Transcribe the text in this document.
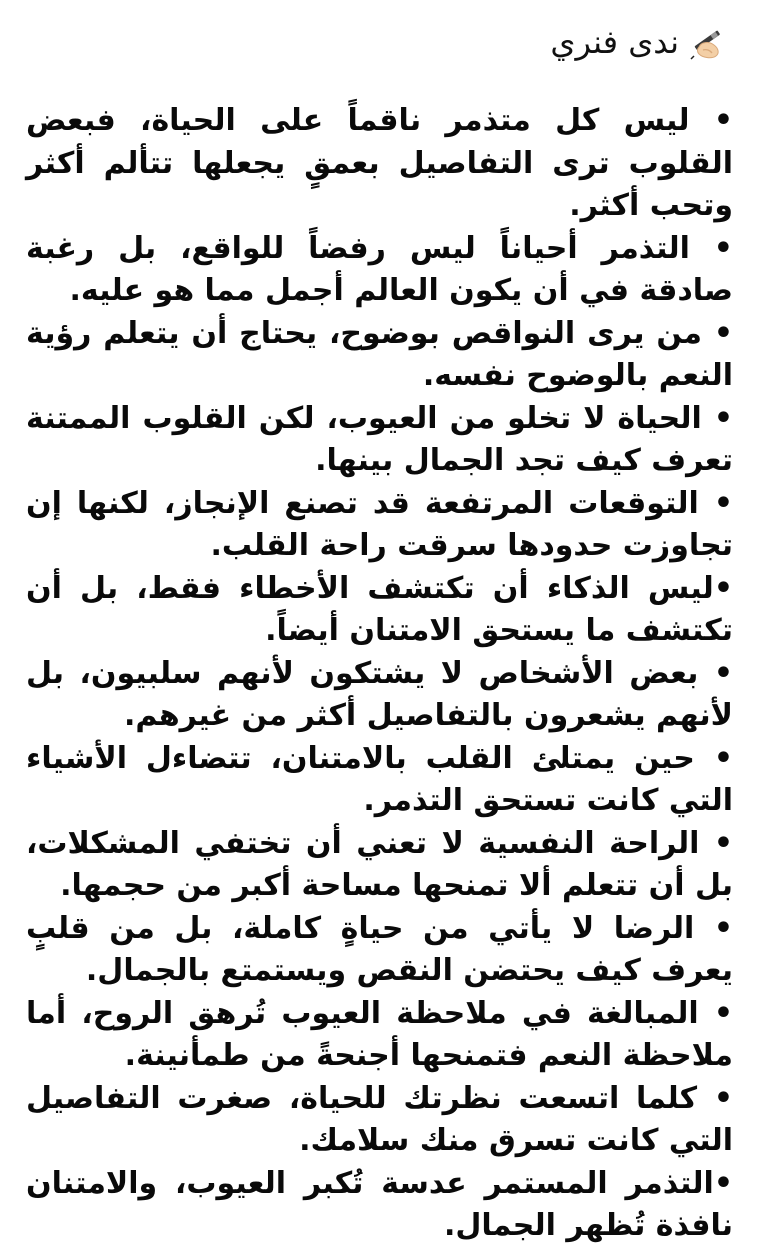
ندى فنري

• ليس كل متذمر ناقماً على الحياة، فبعض القلوب ترى التفاصيل بعمقٍ يجعلها تتألم أكثر وتحب أكثر.

• التذمر أحياناً ليس رفضاً للواقع، بل رغبة صادقة في أن يكون العالم أجمل مما هو عليه.

• من يرى النواقص بوضوح، يحتاج أن يتعلم رؤية النعم بالوضوح نفسه.

• الحياة لا تخلو من العيوب، لكن القلوب الممتنة تعرف كيف تجد الجمال بينها.

• التوقعات المرتفعة قد تصنع الإنجاز، لكنها إن تجاوزت حدودها سرقت راحة القلب.

•ليس الذكاء أن تكتشف الأخطاء فقط، بل أن تكتشف ما يستحق الامتنان أيضاً.

• بعض الأشخاص لا يشتكون لأنهم سلبيون، بل لأنهم يشعرون بالتفاصيل أكثر من غيرهم.

• حين يمتلئ القلب بالامتنان، تتضاءل الأشياء التي كانت تستحق التذمر.

• الراحة النفسية لا تعني أن تختفي المشكلات، بل أن تتعلم ألا تمنحها مساحة أكبر من حجمها.

• الرضا لا يأتي من حياةٍ كاملة، بل من قلبٍ يعرف كيف يحتضن النقص ويستمتع بالجمال.

• المبالغة في ملاحظة العيوب تُرهق الروح، أما ملاحظة النعم فتمنحها أجنحةً من طمأنينة.

• كلما اتسعت نظرتك للحياة، صغرت التفاصيل التي كانت تسرق منك سلامك.

•التذمر المستمر عدسة تُكبر العيوب، والامتنان نافذة تُظهر الجمال.
